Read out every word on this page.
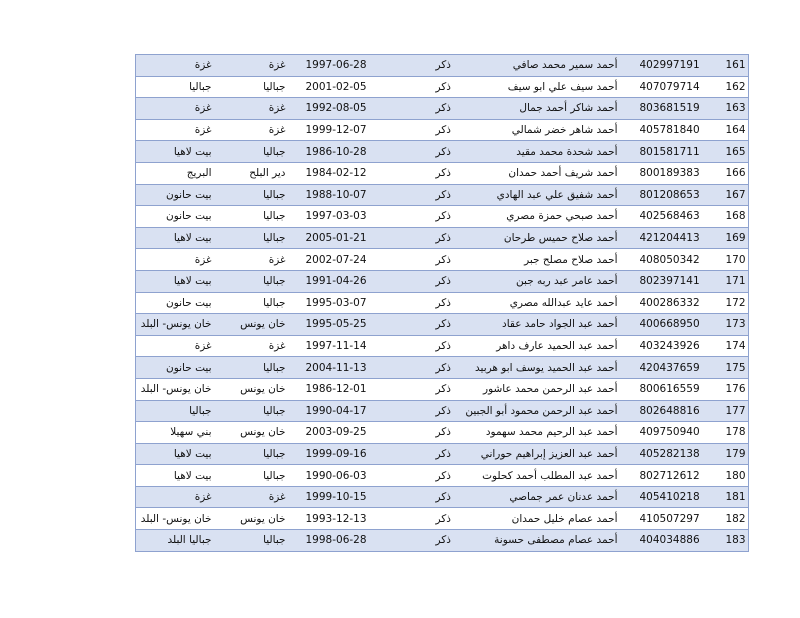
غزة	غزة	1997-06-28	ذكر	أحمد سمير محمد صافي	402997191	161
جباليا	جباليا	2001-02-05	ذكر	أحمد سيف علي ابو سيف	407079714	162
غزة	غزة	1992-08-05	ذكر	أحمد شاكر أحمد جمال	803681519	163
غزة	غزة	1999-12-07	ذكر	أحمد شاهر خضر شمالي	405781840	164
بيت لاهيا	جباليا	1986-10-28	ذكر	أحمد شحدة محمد مقيد	801581711	165
البريج	دير البلح	1984-02-12	ذكر	أحمد شريف أحمد حمدان	800189383	166
بيت حانون	جباليا	1988-10-07	ذكر	أحمد شفيق علي عبد الهادي	801208653	167
بيت حانون	جباليا	1997-03-03	ذكر	أحمد صبحي حمزة مصري	402568463	168
بيت لاهيا	جباليا	2005-01-21	ذكر	أحمد صلاح حميس طرحان	421204413	169
غزة	غزة	2002-07-24	ذكر	أحمد صلاح مصلح جبر	408050342	170
بيت لاهيا	جباليا	1991-04-26	ذكر	أحمد عامر عبد ربه جبن	802397141	171
بيت حانون	جباليا	1995-03-07	ذكر	أحمد عايد عبدالله مصري	400286332	172
خان يونس- البلد	خان يونس	1995-05-25	ذكر	أحمد عبد الجواد حامد عقاد	400668950	173
غزة	غزة	1997-11-14	ذكر	أحمد عبد الحميد عارف داهر	403243926	174
بيت حانون	جباليا	2004-11-13	ذكر	أحمد عبد الحميد يوسف ابو هربيد	420437659	175
خان يونس- البلد	خان يونس	1986-12-01	ذكر	أحمد عبد الرحمن محمد عاشور	800616559	176
جباليا	جباليا	1990-04-17	ذكر	أحمد عبد الرحمن محمود أبو الجبين	802648816	177
بني سهيلا	خان يونس	2003-09-25	ذكر	أحمد عبد الرحيم محمد سهمود	409750940	178
بيت لاهيا	جباليا	1999-09-16	ذكر	أحمد عبد العزيز إبراهيم حوراني	405282138	179
بيت لاهيا	جباليا	1990-06-03	ذكر	أحمد عبد المطلب أحمد كحلوت	802712612	180
غزة	غزة	1999-10-15	ذكر	أحمد عدنان عمر جماصي	405410218	181
خان يونس- البلد	خان يونس	1993-12-13	ذكر	أحمد عصام خليل حمدان	410507297	182
جباليا البلد	جباليا	1998-06-28	ذكر	أحمد عصام مصطفى حسونة	404034886	183
